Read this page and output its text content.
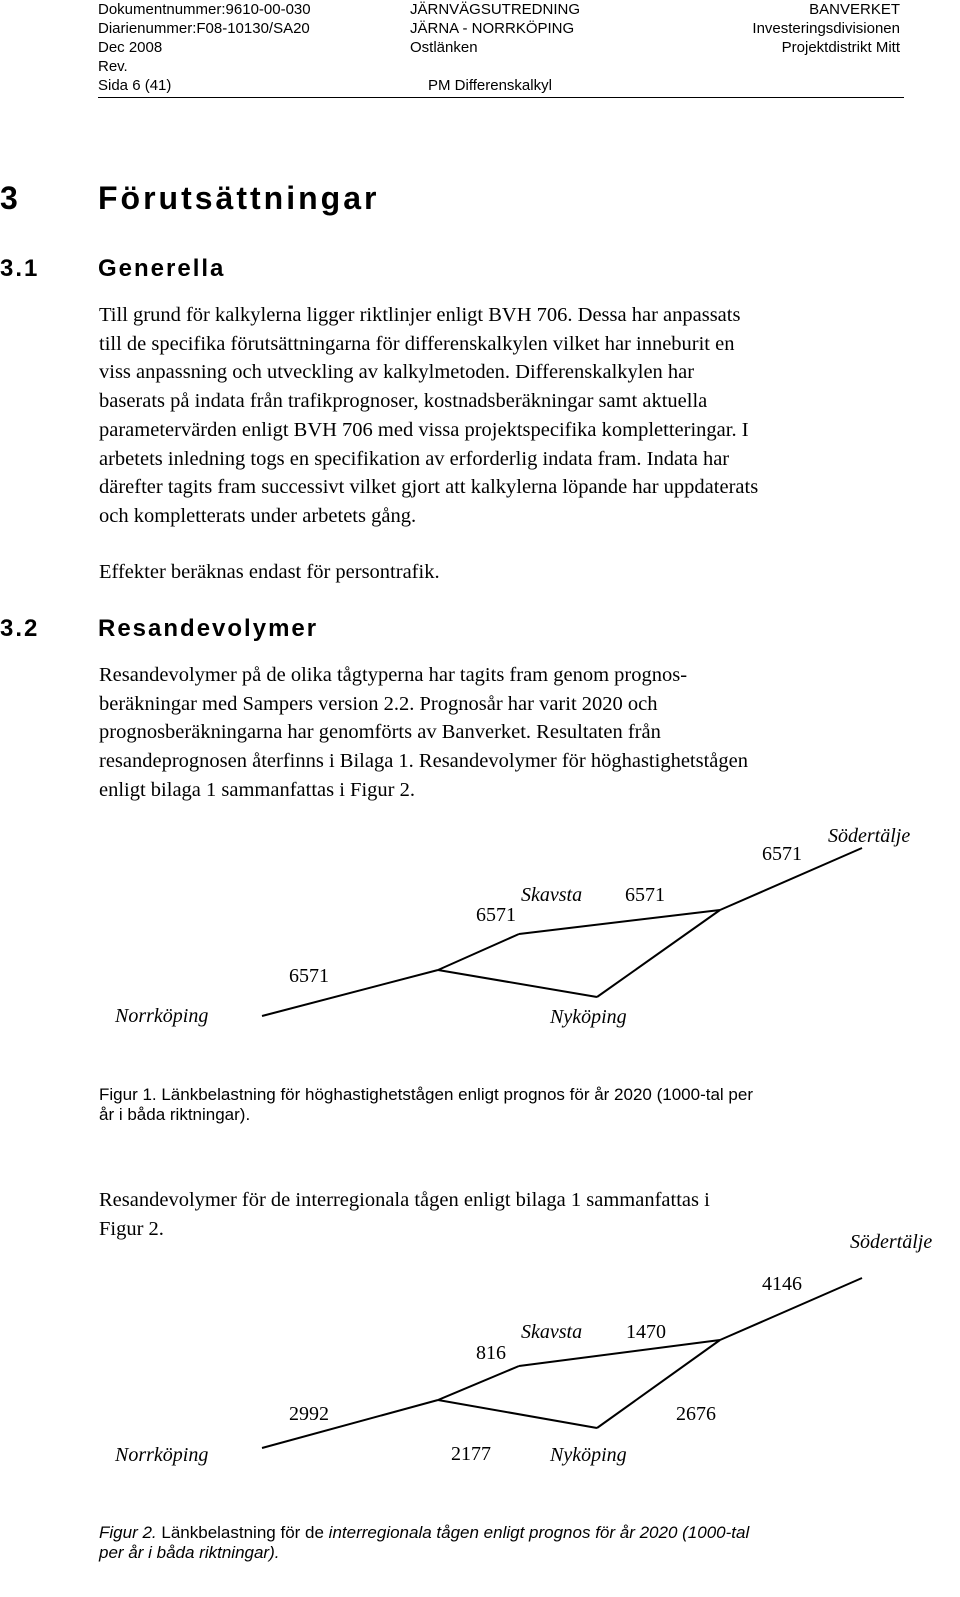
Dokumentnummer:9610-00-030
Diarienummer:F08-10130/SA20
Dec 2008
Rev.
Sida 6 (41)
JÄRNVÄGSUTREDNING
JÄRNA - NORRKÖPING
Ostlänken
PM Differenskalkyl
BANVERKET
Investeringsdivisionen
Projektdistrikt Mitt
3 Förutsättningar
3.1 Generella
Till grund för kalkylerna ligger riktlinjer enligt BVH 706. Dessa har anpassats
till de specifika förutsättningarna för differenskalkylen vilket har inneburit en
viss anpassning och utveckling av kalkylmetoden. Differenskalkylen har
baserats på indata från trafikprognoser, kostnadsberäkningar samt aktuella
parametervärden enligt BVH 706 med vissa projektspecifika kompletteringar. I
arbetets inledning togs en specifikation av erforderlig indata fram. Indata har
därefter tagits fram successivt vilket gjort att kalkylerna löpande har uppdaterats
och kompletterats under arbetets gång.
Effekter beräknas endast för persontrafik.
3.2 Resandevolymer
Resandevolymer på de olika tågtyperna har tagits fram genom prognos-
beräkningar med Sampers version 2.2. Prognosår har varit 2020 och
prognosberäkningarna har genomförts av Banverket. Resultaten från
resandeprognosen återfinns i Bilaga 1. Resandevolymer för höghastighetstågen
enligt bilaga 1 sammanfattas i Figur 2.
Södertälje
6571
Skavsta 6571
6571
6571
Norrköping	Nyköping
Figur 1. Länkbelastning för höghastighetstågen enligt prognos för år 2020 (1000-tal per
år i båda riktningar).
Resandevolymer för de interregionala tågen enligt bilaga 1 sammanfattas i
Figur 2.
Södertälje
4146
Skavsta 1470
816
2992	2676
Norrköping	2177	Nyköping
Figur 2. Länkbelastning för de interregionala tågen enligt prognos för år 2020 (1000-tal
per år i båda riktningar).
